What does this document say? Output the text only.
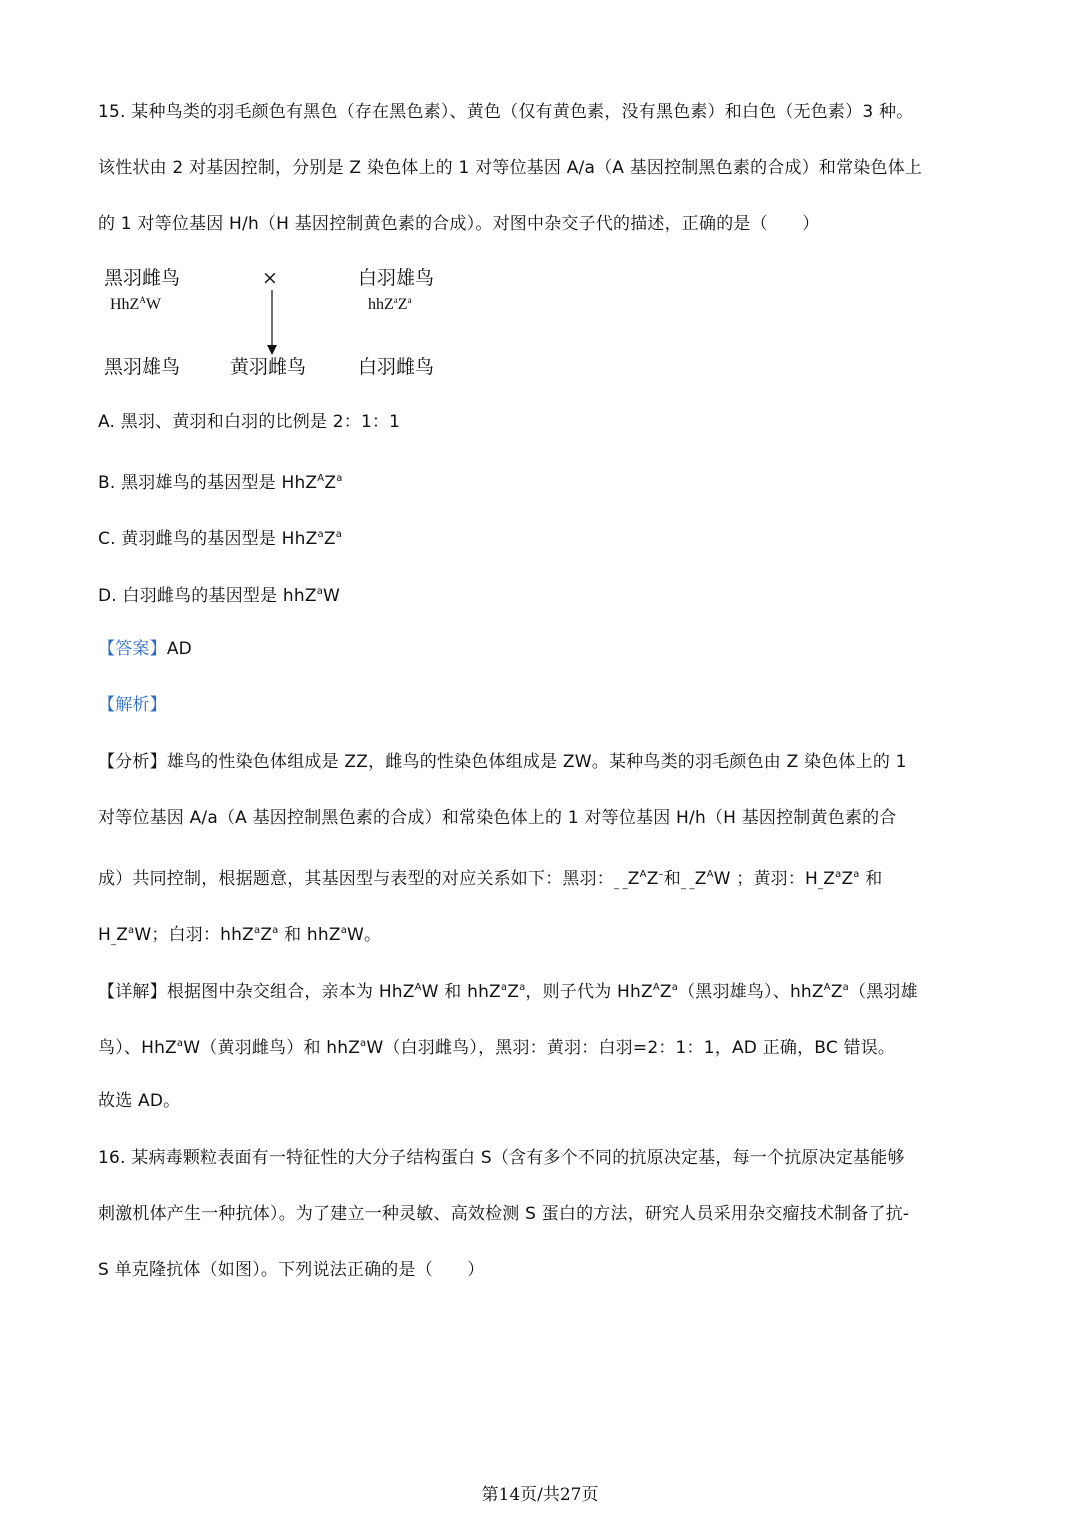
15. 某种鸟类的羽毛颜色有黑色（存在黑色素）、黄色（仅有黄色素，没有黑色素）和白色（无色素）3 种。
该性状由 2 对基因控制，分别是 Z 染色体上的 1 对等位基因 A/a（A 基因控制黑色素的合成）和常染色体上
的 1 对等位基因 H/h（H 基因控制黄色素的合成）。对图中杂交子代的描述，正确的是（　　）
黑羽雌鸟
HhZ$^A$W
×	白羽雄鸟
$hhZ^aZ^a$
黑羽雄鸟	黄羽雌鸟	白羽雌鸟
A. 黑羽、黄羽和白羽的比例是 2：1：1
B. 黑羽雄鸟的基因型是 $HhZ^AZ^a$
C. 黄羽雌鸟的基因型是 $HhZ^aZ^a$
D. 白羽雌鸟的基因型是 hhZ$^a$W
【答案】AD
【解析】
【分析】雄鸟的性染色体组成是 ZZ，雌鸟的性染色体组成是 ZW。某种鸟类的羽毛颜色由 Z 染色体上的 1
对等位基因 A/a（A 基因控制黑色素的合成）和常染色体上的 1 对等位基因 H/h（H 基因控制黄色素的合
成）共同控制，根据题意，其基因型与表型的对应关系如下：黑羽：$_{\_ \_}Z^AZ^-$和$_{\_ \_}Z^AW$ ；黄羽：$H_{\_}Z^aZ^a$ 和
$H_{\_}Z^aW$；白羽：$hhZ^aZ^a$ 和 hhZ$^a$W。
【详解】根据图中杂交组合，亲本为 HhZ$^A$W 和 $hhZ^aZ^a$，则子代为 $HhZ^AZ^a$（黑羽雄鸟）、$hhZ^AZ^a$（黑羽雄
鸟）、HhZ$^a$W（黄羽雌鸟）和 hhZ$^a$W（白羽雌鸟），黑羽：黄羽：白羽=2：1：1，AD 正确，BC 错误。
故选 AD。
16. 某病毒颗粒表面有一特征性的大分子结构蛋白 S（含有多个不同的抗原决定基，每一个抗原决定基能够
刺激机体产生一种抗体）。为了建立一种灵敏、高效检测 S 蛋白的方法，研究人员采用杂交瘤技术制备了抗-
S 单克隆抗体（如图）。下列说法正确的是（　　）
第14页/共27页
